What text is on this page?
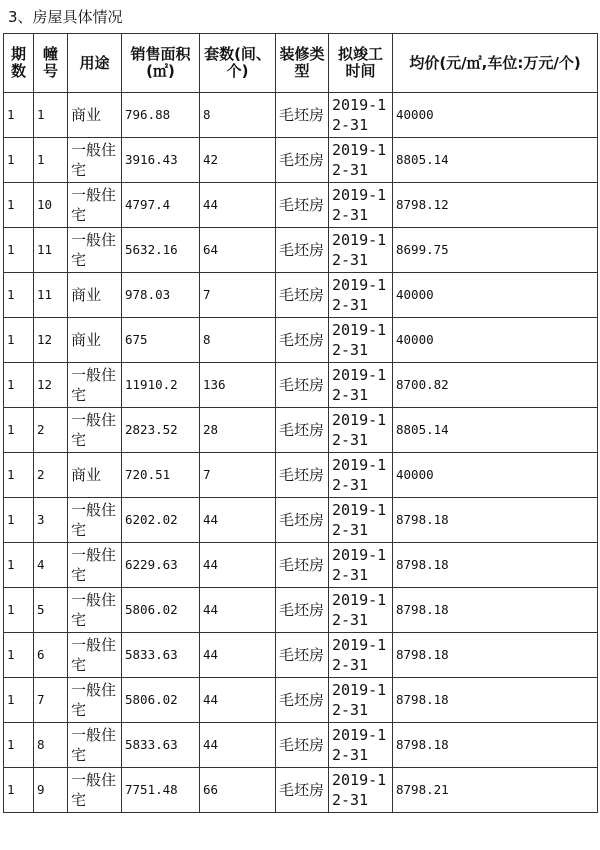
3、房屋具体情况
期数	幢号	用途	销售面积(㎡)	套数(间、个)	装修类型	拟竣工时间	均价(元/㎡,车位:万元/个)
1	1	商业	796.88	8	毛坯房	2019-12-31	40000
1	1	一般住宅	3916.43	42	毛坯房	2019-12-31	8805.14
1	10	一般住宅	4797.4	44	毛坯房	2019-12-31	8798.12
1	11	一般住宅	5632.16	64	毛坯房	2019-12-31	8699.75
1	11	商业	978.03	7	毛坯房	2019-12-31	40000
1	12	商业	675	8	毛坯房	2019-12-31	40000
1	12	一般住宅	11910.2	136	毛坯房	2019-12-31	8700.82
1	2	一般住宅	2823.52	28	毛坯房	2019-12-31	8805.14
1	2	商业	720.51	7	毛坯房	2019-12-31	40000
1	3	一般住宅	6202.02	44	毛坯房	2019-12-31	8798.18
1	4	一般住宅	6229.63	44	毛坯房	2019-12-31	8798.18
1	5	一般住宅	5806.02	44	毛坯房	2019-12-31	8798.18
1	6	一般住宅	5833.63	44	毛坯房	2019-12-31	8798.18
1	7	一般住宅	5806.02	44	毛坯房	2019-12-31	8798.18
1	8	一般住宅	5833.63	44	毛坯房	2019-12-31	8798.18
1	9	一般住宅	7751.48	66	毛坯房	2019-12-31	8798.21
